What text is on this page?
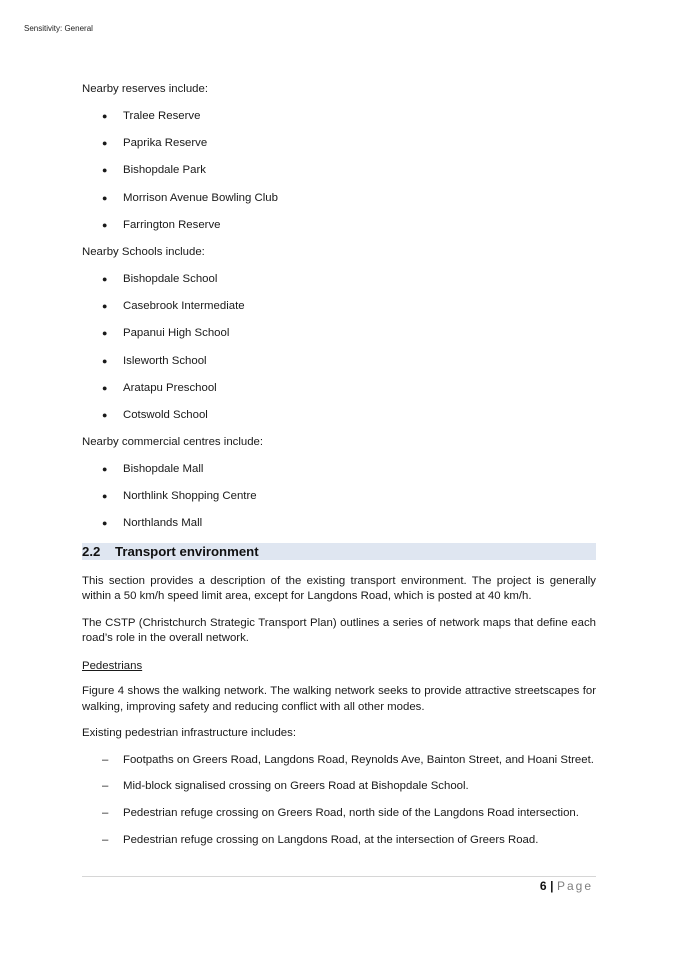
Sensitivity: General

Nearby reserves include:

● Tralee Reserve
● Paprika Reserve
● Bishopdale Park
● Morrison Avenue Bowling Club
● Farrington Reserve

Nearby Schools include:

● Bishopdale School
● Casebrook Intermediate
● Papanui High School
● Isleworth School
● Aratapu Preschool
● Cotswold School

Nearby commercial centres include:

● Bishopdale Mall
● Northlink Shopping Centre
● Northlands Mall
2.2 Transport environment

This section provides a description of the existing transport environment. The project is generally within a 50 km/h speed limit area, except for Langdons Road, which is posted at 40 km/h.

The CSTP (Christchurch Strategic Transport Plan) outlines a series of network maps that define each road’s role in the overall network.

Pedestrians

Figure 4 shows the walking network. The walking network seeks to provide attractive streetscapes for walking, improving safety and reducing conflict with all other modes.

Existing pedestrian infrastructure includes:

– Footpaths on Greers Road, Langdons Road, Reynolds Ave, Bainton Street, and Hoani Street.
– Mid-block signalised crossing on Greers Road at Bishopdale School.
– Pedestrian refuge crossing on Greers Road, north side of the Langdons Road intersection.
– Pedestrian refuge crossing on Langdons Road, at the intersection of Greers Road.
6 | Page
